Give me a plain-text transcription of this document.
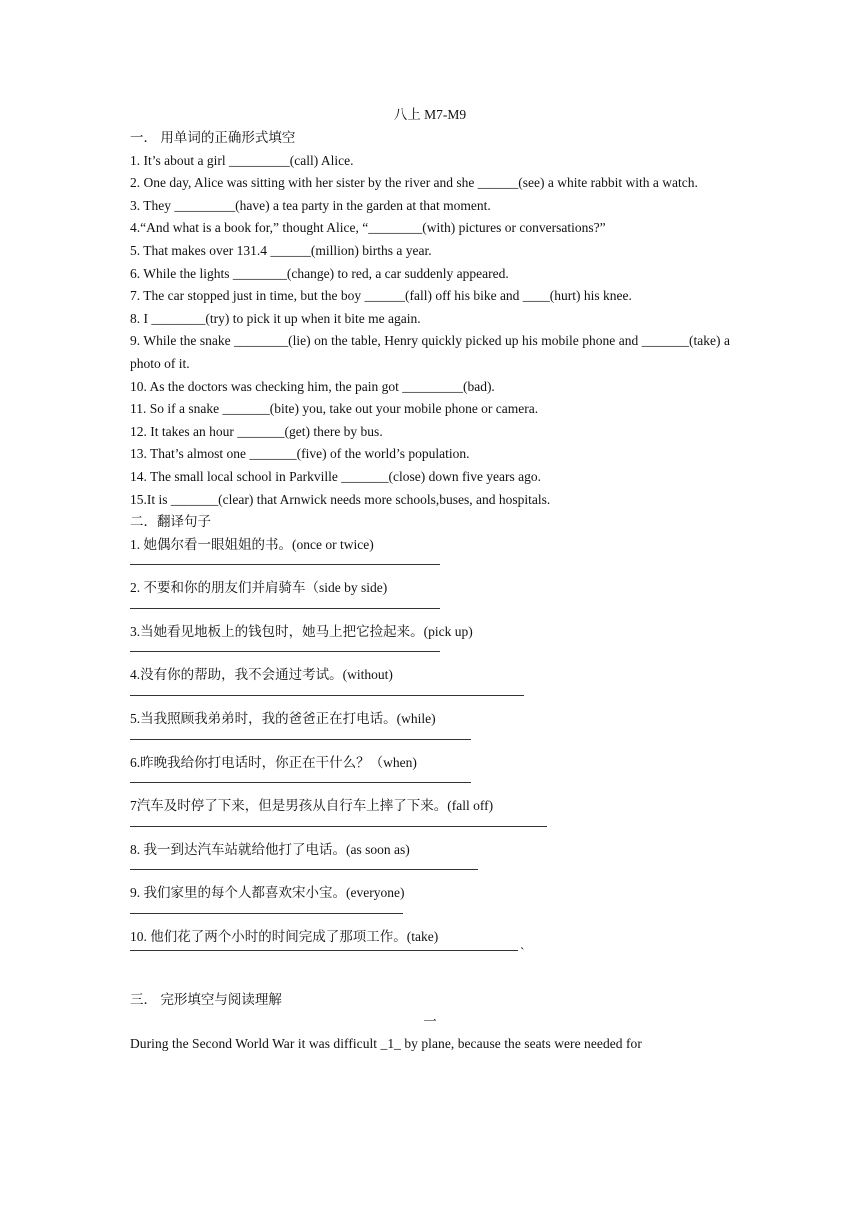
八上 M7-M9
一． 用单词的正确形式填空
1. It’s about a girl _________(call) Alice.
2. One day, Alice was sitting with her sister by the river and she ______(see) a white rabbit with a watch.
3. They _________(have) a tea party in the garden at that moment.
4.“And what is a book for,” thought Alice, “________(with) pictures or conversations?”
5. That makes over 131.4 ______(million) births a year.
6. While the lights ________(change) to red, a car suddenly appeared.
7. The car stopped just in time, but the boy ______(fall) off his bike and ____(hurt) his knee.
8. I ________(try) to pick it up when it bite me again.
9. While the snake ________(lie) on the table, Henry quickly picked up his mobile phone and _______(take) a photo of it.
10. As the doctors was checking him, the pain got _________(bad).
11. So if a snake _______(bite) you, take out your mobile phone or camera.
12. It takes an hour _______(get) there by bus.
13. That’s almost one _______(five) of the world’s population.
14. The small local school in Parkville _______(close) down five years ago.
15.It is _______(clear) that Arnwick needs more schools,buses, and hospitals.
二．翻译句子
1. 她偶尔看一眼姐姐的书。(once or twice)
2. 不要和你的朋友们并肩骑车（side by side)
3.当她看见地板上的钱包时，她马上把它捡起来。(pick up)
4.没有你的帮助，我不会通过考试。(without)
5.当我照顾我弟弟时，我的爸爸正在打电话。(while)
6.昨晚我给你打电话时，你正在干什么？（when)
7汽车及时停了下来，但是男孩从自行车上摔了下来。(fall off)
8. 我一到达汽车站就给他打了电话。(as soon as)
9. 我们家里的每个人都喜欢宋小宝。(everyone)
10. 他们花了两个小时的时间完成了那项工作。(take)
`
三． 完形填空与阅读理解
一
During the Second World War it was difficult _1_ by plane, because the seats were needed for
